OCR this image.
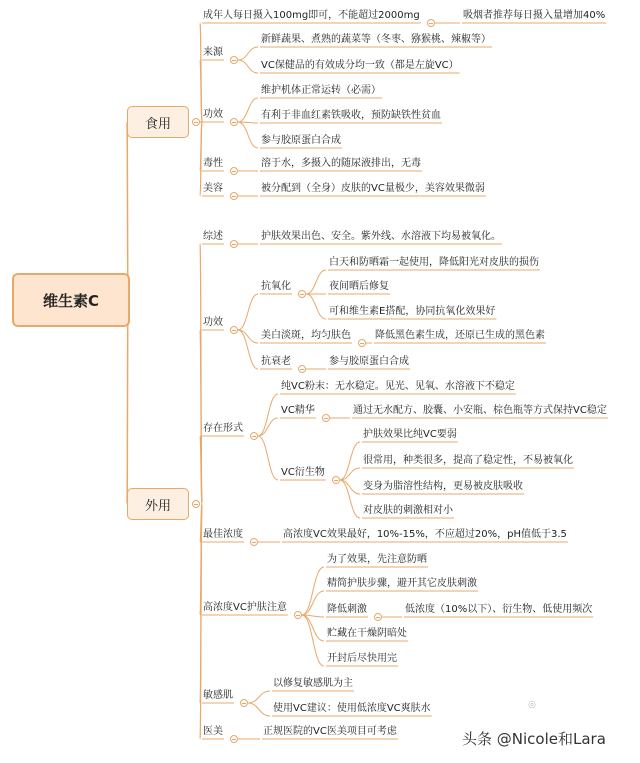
维生素C
食用
成年人每日摄入100mg即可，不能超过2000mg	吸烟者推荐每日摄入量增加40%
来源
新鲜蔬果、煮熟的蔬菜等（冬枣、猕猴桃、辣椒等）
VC保健品的有效成分均一致（都是左旋VC）
功效
维护机体正常运转（必需）
有利于非血红素铁吸收，预防缺铁性贫血
参与胶原蛋白合成
毒性	溶于水，多摄入的随尿液排出，无毒
美容	被分配到（全身）皮肤的VC量极少，美容效果微弱
外用
综述	护肤效果出色、安全。紫外线、水溶液下均易被氧化。
功效
抗氧化
白天和防晒霜一起使用，降低阳光对皮肤的损伤
夜间晒后修复
可和维生素E搭配，协同抗氧化效果好
美白淡斑，均匀肤色 降低黑色素生成，还原已生成的黑色素
抗衰老	参与胶原蛋白合成
存在形式
纯VC粉末：无水稳定。见光、见氧、水溶液下不稳定
VC精华	通过无水配方、胶囊、小安瓶、棕色瓶等方式保持VC稳定
VC衍生物
护肤效果比纯VC要弱
很常用，种类很多，提高了稳定性，不易被氧化
变身为脂溶性结构，更易被皮肤吸收
对皮肤的刺激相对小
最佳浓度	高浓度VC效果最好，10%-15%，不应超过20%，pH值低于3.5
高浓度VC护肤注意
为了效果，先注意防晒
精简护肤步骤，避开其它皮肤刺激
降低刺激	低浓度（10%以下）、衍生物、低使用频次
贮藏在干燥阴暗处
开封后尽快用完
敏感肌
以修复敏感肌为主
使用VC建议：使用低浓度VC爽肤水
医美	正规医院的VC医美项目可考虑	头条 @Nicole和Lara
◎
